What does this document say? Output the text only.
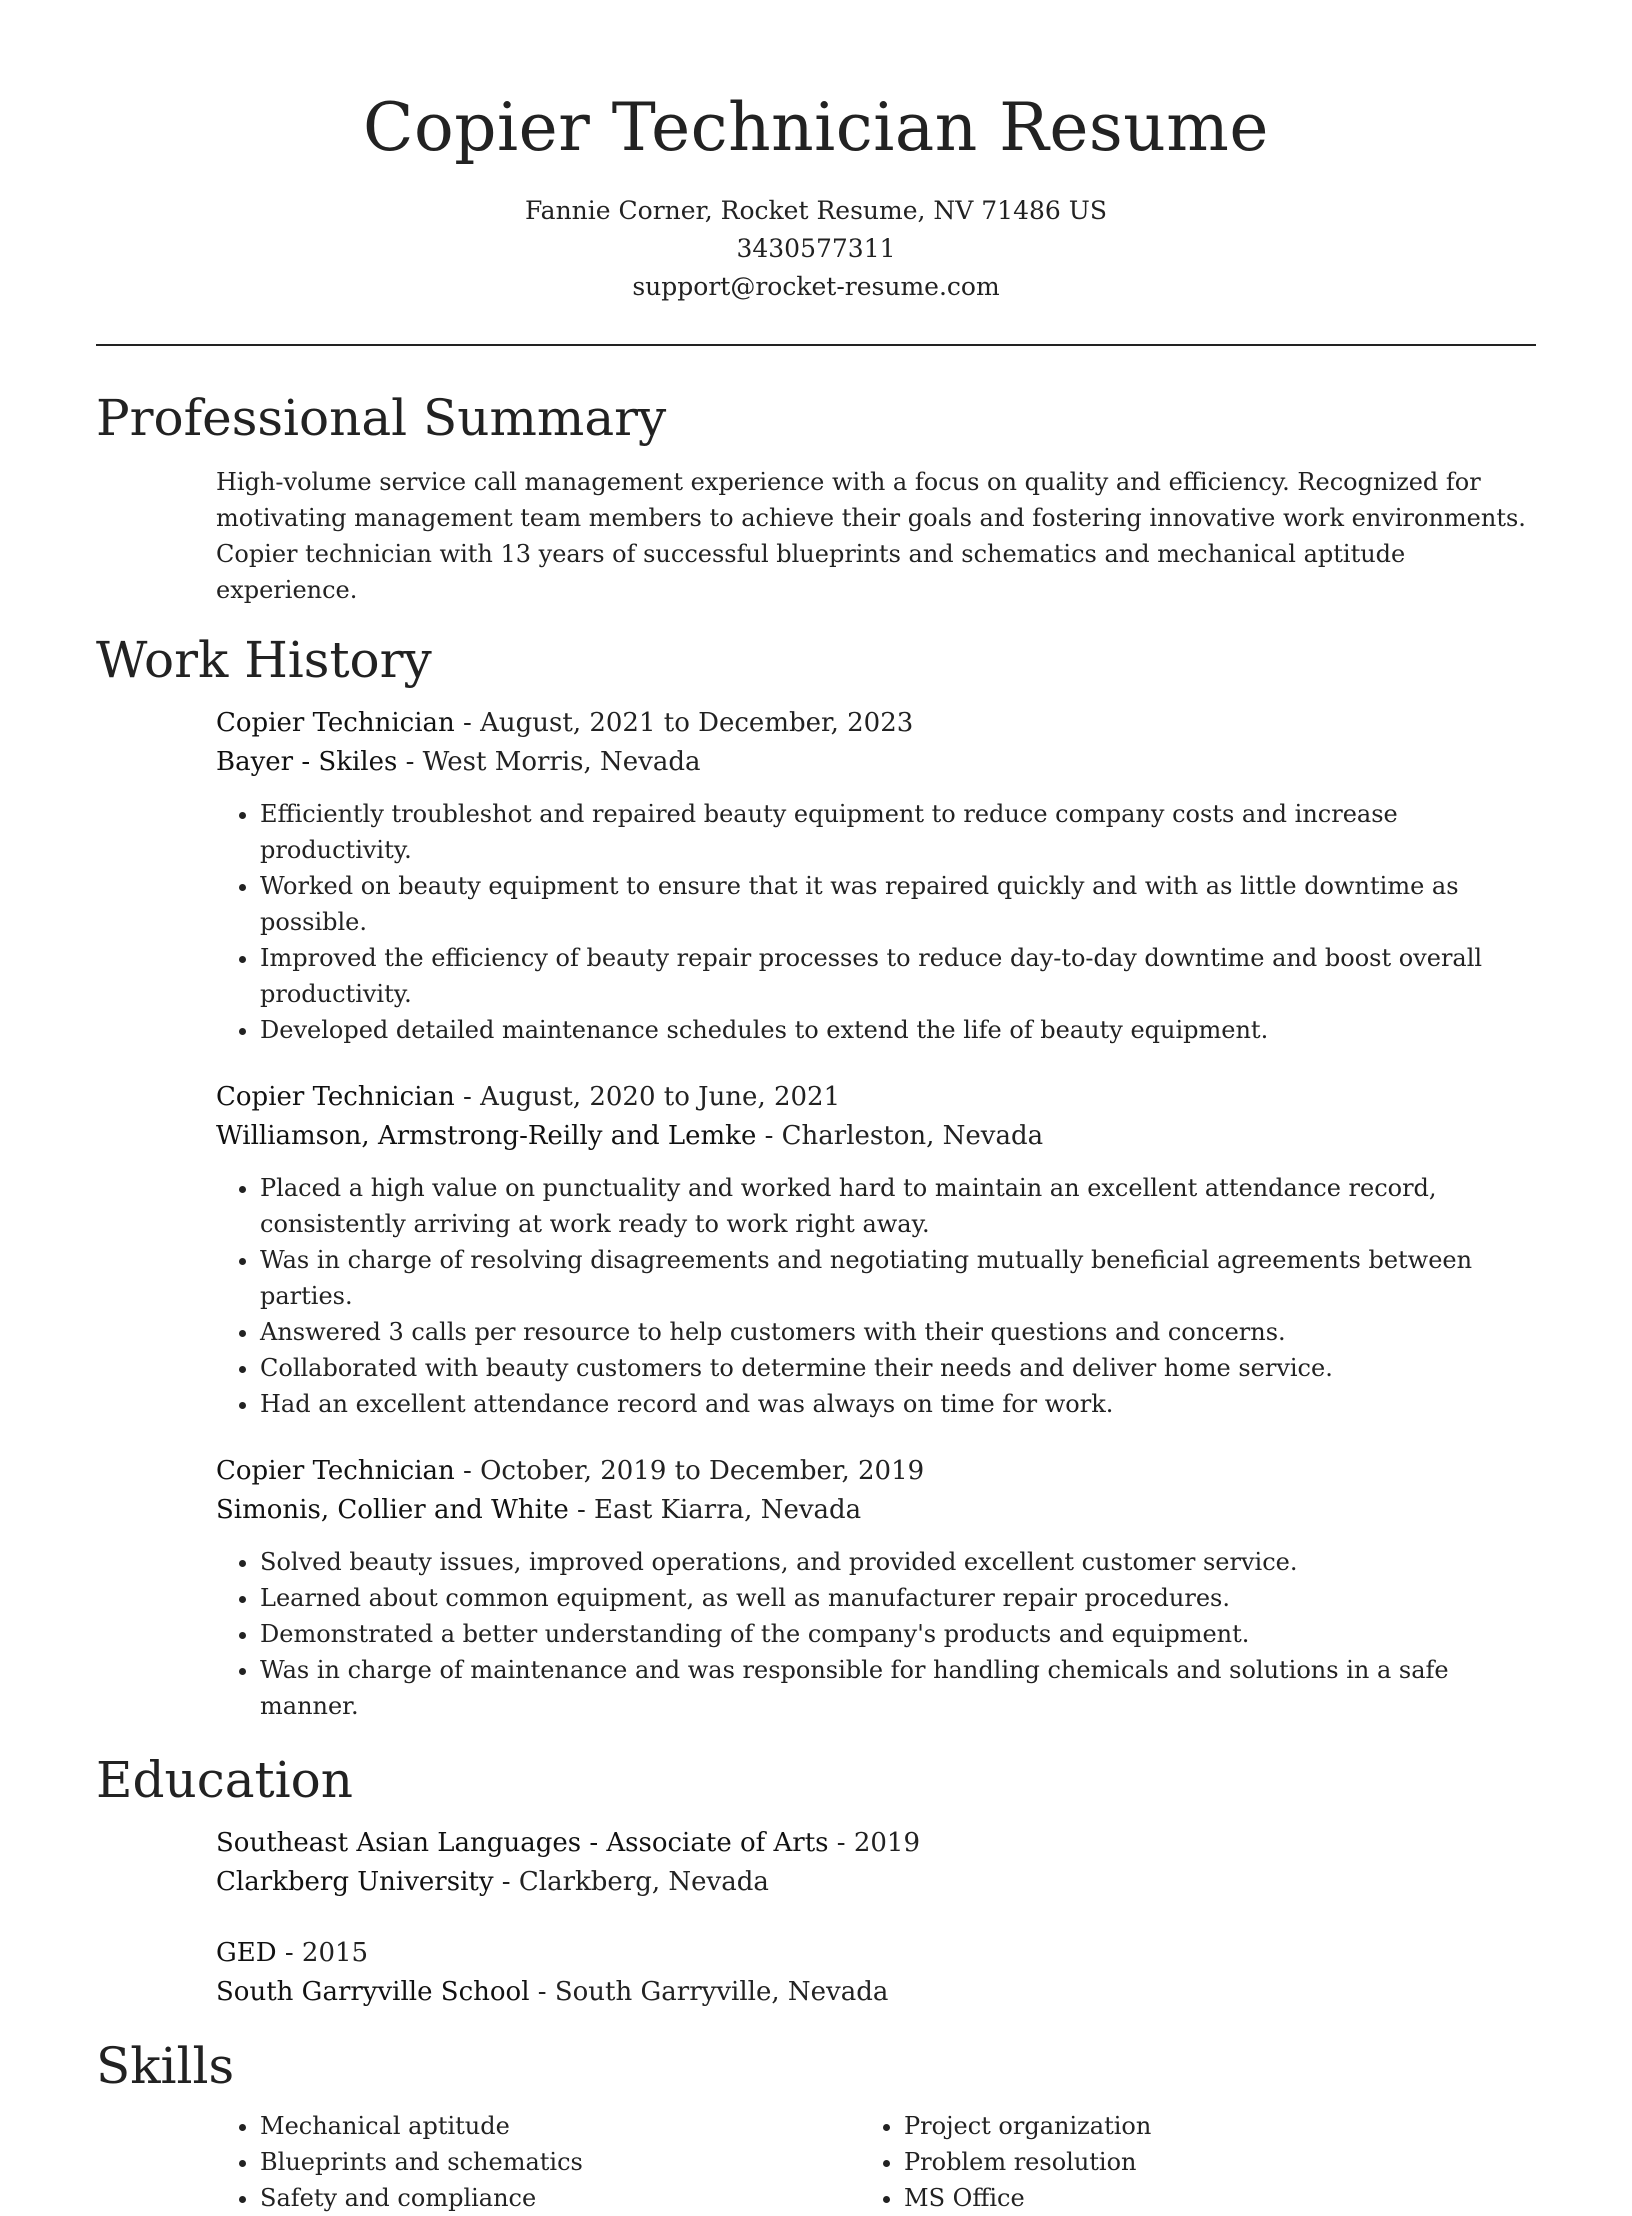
Copier Technician Resume

Fannie Corner, Rocket Resume, NV 71486 US

3430577311

support@rocket-resume.com

Professional Summary

High-volume service call management experience with a focus on quality and efficiency. Recognized for motivating management team members to achieve their goals and fostering innovative work environments. Copier technician with 13 years of successful blueprints and schematics and mechanical aptitude experience.

Work History

Copier Technician - August, 2021 to December, 2023

Bayer - Skiles - West Morris, Nevada

• Efficiently troubleshot and repaired beauty equipment to reduce company costs and increase productivity.
• Worked on beauty equipment to ensure that it was repaired quickly and with as little downtime as possible.
• Improved the efficiency of beauty repair processes to reduce day-to-day downtime and boost overall productivity.
• Developed detailed maintenance schedules to extend the life of beauty equipment.

Copier Technician - August, 2020 to June, 2021

Williamson, Armstrong-Reilly and Lemke - Charleston, Nevada

• Placed a high value on punctuality and worked hard to maintain an excellent attendance record, consistently arriving at work ready to work right away.
• Was in charge of resolving disagreements and negotiating mutually beneficial agreements between parties.
• Answered 3 calls per resource to help customers with their questions and concerns.
• Collaborated with beauty customers to determine their needs and deliver home service.
• Had an excellent attendance record and was always on time for work.

Copier Technician - October, 2019 to December, 2019

Simonis, Collier and White - East Kiarra, Nevada

• Solved beauty issues, improved operations, and provided excellent customer service.
• Learned about common equipment, as well as manufacturer repair procedures.
• Demonstrated a better understanding of the company's products and equipment.
• Was in charge of maintenance and was responsible for handling chemicals and solutions in a safe manner.
Education

Southeast Asian Languages - Associate of Arts - 2019

Clarkberg University - Clarkberg, Nevada

GED - 2015

South Garryville School - South Garryville, Nevada

Skills
• Mechanical aptitude
• Blueprints and schematics
• Safety and compliance
• Project organization
• Problem resolution
• MS Office
